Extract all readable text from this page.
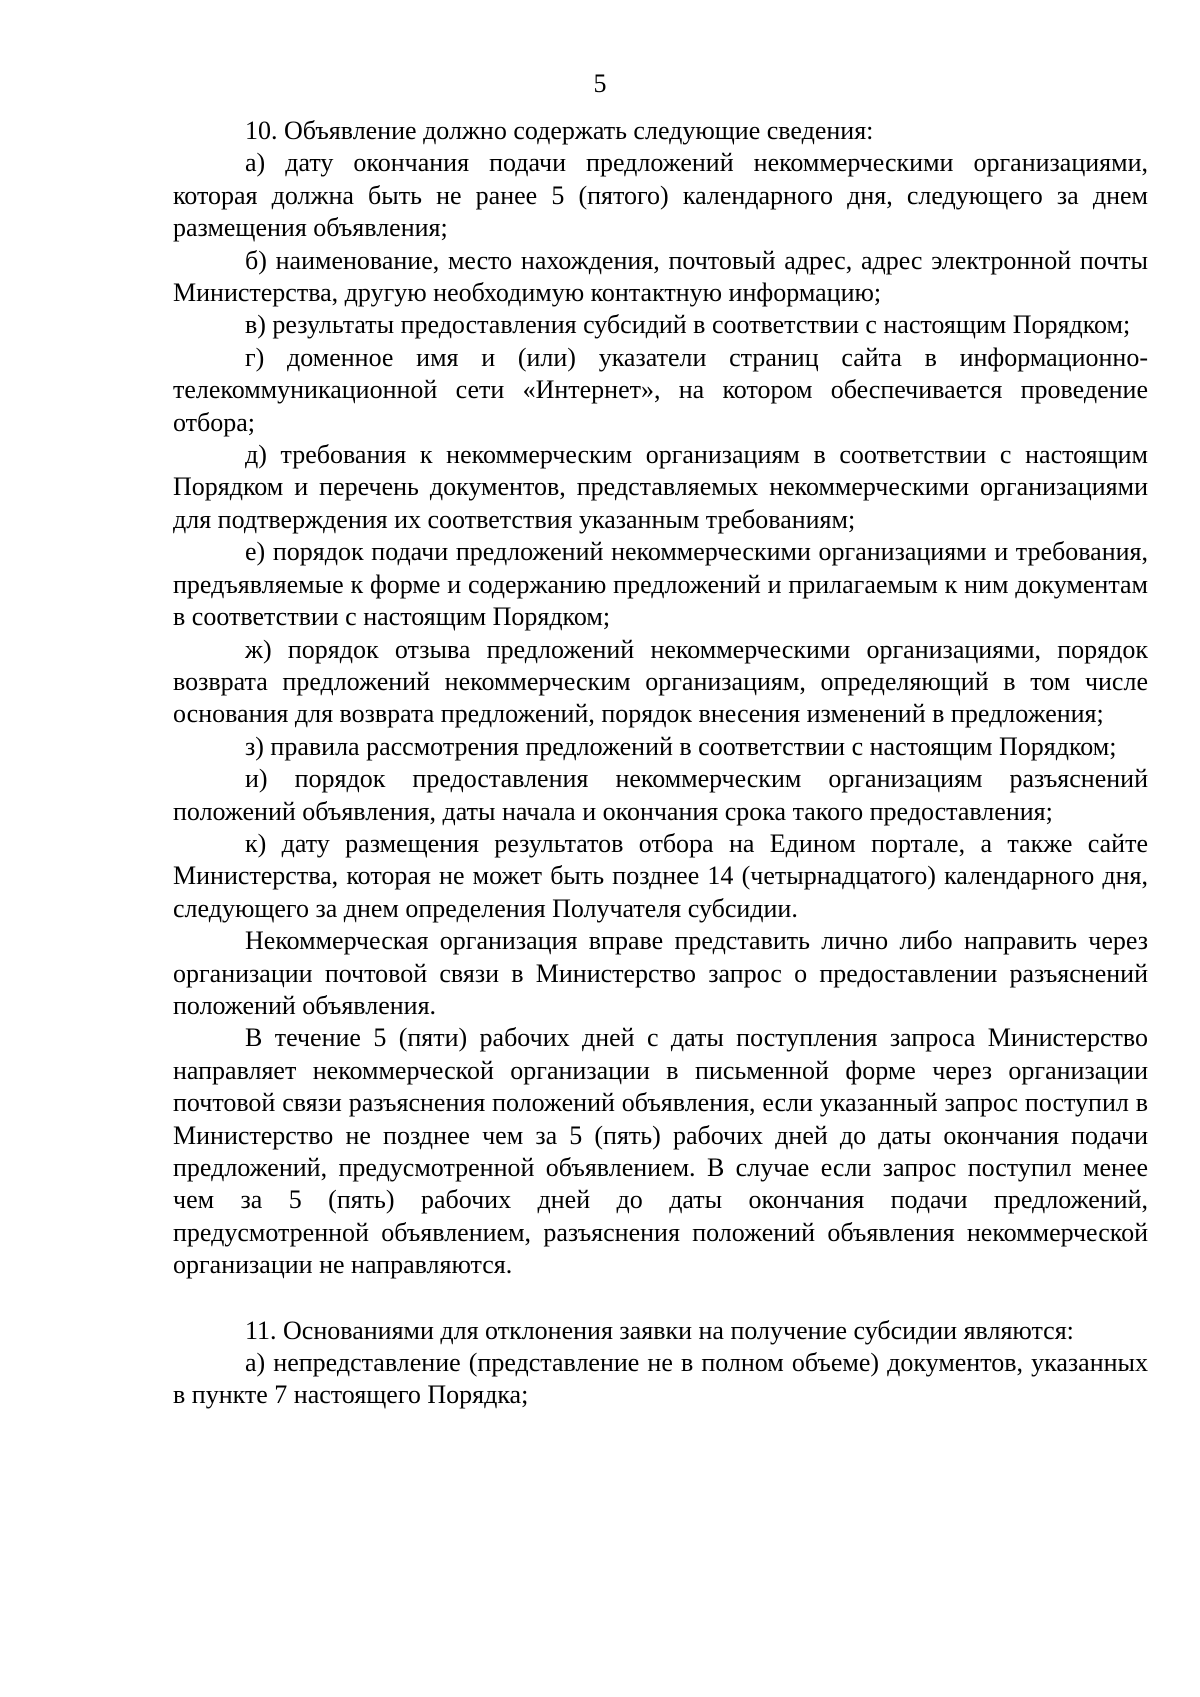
5

10. Объявление должно содержать следующие сведения:

а) дату окончания подачи предложений некоммерческими организациями, которая должна быть не ранее 5 (пятого) календарного дня, следующего за днем размещения объявления;

б) наименование, место нахождения, почтовый адрес, адрес электронной почты Министерства, другую необходимую контактную информацию;

в) результаты предоставления субсидий в соответствии с настоящим Порядком;

г) доменное имя и (или) указатели страниц сайта в информационно-телекоммуникационной сети «Интернет», на котором обеспечивается проведение отбора;

д) требования к некоммерческим организациям в соответствии с настоящим Порядком и перечень документов, представляемых некоммерческими организациями для подтверждения их соответствия указанным требованиям;

е) порядок подачи предложений некоммерческими организациями и требования, предъявляемые к форме и содержанию предложений и прилагаемым к ним документам в соответствии с настоящим Порядком;

ж) порядок отзыва предложений некоммерческими организациями, порядок возврата предложений некоммерческим организациям, определяющий в том числе основания для возврата предложений, порядок внесения изменений в предложения;

з) правила рассмотрения предложений в соответствии с настоящим Порядком;

и) порядок предоставления некоммерческим организациям разъяснений положений объявления, даты начала и окончания срока такого предоставления;

к) дату размещения результатов отбора на Едином портале, а также сайте Министерства, которая не может быть позднее 14 (четырнадцатого) календарного дня, следующего за днем определения Получателя субсидии.

Некоммерческая организация вправе представить лично либо направить через организации почтовой связи в Министерство запрос о предоставлении разъяснений положений объявления.

В течение 5 (пяти) рабочих дней с даты поступления запроса Министерство направляет некоммерческой организации в письменной форме через организации почтовой связи разъяснения положений объявления, если указанный запрос поступил в Министерство не позднее чем за 5 (пять) рабочих дней до даты окончания подачи предложений, предусмотренной объявлением. В случае если запрос поступил менее чем за 5 (пять) рабочих дней до даты окончания подачи предложений, предусмотренной объявлением, разъяснения положений объявления некоммерческой организации не направляются.

11. Основаниями для отклонения заявки на получение субсидии являются:

а) непредставление (представление не в полном объеме) документов, указанных в пункте 7 настоящего Порядка;
